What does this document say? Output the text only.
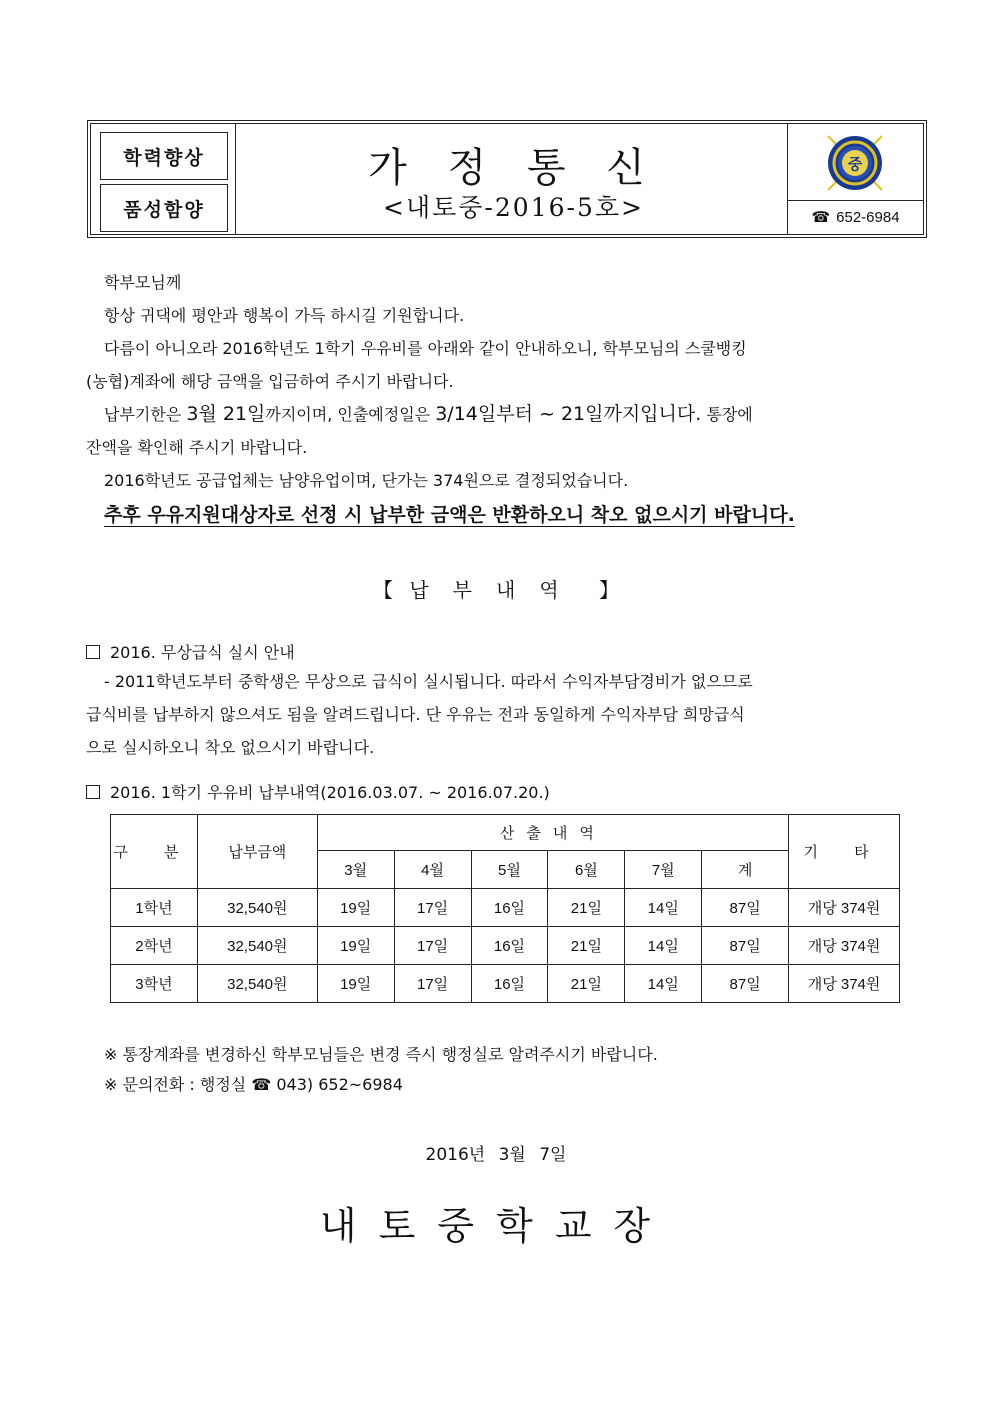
학력향상
품성함양
가 정 통 신
<내토중-2016-5호>
중
☎ 652-6984

학부모님께

항상 귀댁에 평안과 행복이 가득 하시길 기원합니다.

다름이 아니오라 2016학년도 1학기 우유비를 아래와 같이 안내하오니, 학부모님의 스쿨뱅킹

(농협)계좌에 해당 금액을 입금하여 주시기 바랍니다.

납부기한은 3월 21일까지이며, 인출예정일은 3/14일부터 ~ 21일까지입니다. 통장에

잔액을 확인해 주시기 바랍니다.

2016학년도 공급업체는 남양유업이며, 단가는 374원으로 결정되었습니다.

추후 우유지원대상자로 선정 시 납부한 금액은 반환하오니 착오 없으시기 바랍니다.

【 납부내역 】
2016. 무상급식 실시 안내

- 2011학년도부터 중학생은 무상으로 급식이 실시됩니다. 따라서 수익자부담경비가 없으므로

급식비를 납부하지 않으셔도 됨을 알려드립니다. 단 우유는 전과 동일하게 수익자부담 희망급식

으로 실시하오니 착오 없으시기 바랍니다.

2016. 1학기 우유비 납부내역(2016.03.07. ~ 2016.07.20.)
구 분	납부금액	산출내역						기 타
		3월	4월	5월	6월	7월	계	
1학년	32,540원	19일	17일	16일	21일	14일	87일	개당 374원
2학년	32,540원	19일	17일	16일	21일	14일	87일	개당 374원
3학년	32,540원	19일	17일	16일	21일	14일	87일	개당 374원
※ 통장계좌를 변경하신 학부모님들은 변경 즉시 행정실로 알려주시기 바랍니다.
※ 문의전화 : 행정실 ☎ 043) 652~6984
2016년 3월 7일
내토중학교장
